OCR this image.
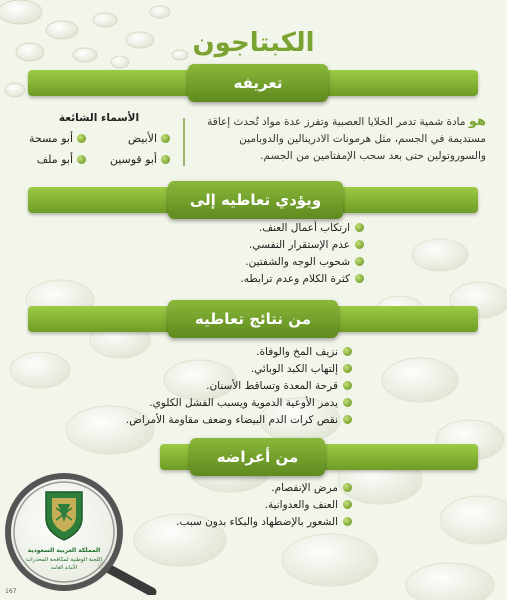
الكبتاجون
تعريفه
هو مادة شمية تدمر الخلايا العصبية وتفرز عدة مواد تُحدث إعاقة مستديمة في الجسم، مثل هرمونات الادرينالين والدوبامين والسوروتولين حتى بعد سحب الإمفتامين من الجسم.
الأسماء الشائعة
الأبيض
أبو مسحة
أبو قوسين
أبو ملف
ويؤدي تعاطيه إلى
ارتكاب أعمال العنف.
عدم الإستقرار النفسي.
شحوب الوجه والشفتين.
كثرة الكلام وعدم ترابطه.
من نتائج تعاطيه
نزيف المخ والوفاة.
إلتهاب الكبد الوبائي.
قرحة المعدة وتساقط الأسنان.
يدمر الأوعية الدموية ويسبب الفشل الكلوي.
نقص كرات الدم البيضاء وضعف مقاومة الأمراض.
من أعراضه
مرض الإنفصام.
العنف والعدوانية.
الشعور بالإضطهاد والبكاء بدون سبب.
المملكة العربية السعودية
اللجنة الوطنية لمكافحة المخدرات
الأمانة العامة
167
